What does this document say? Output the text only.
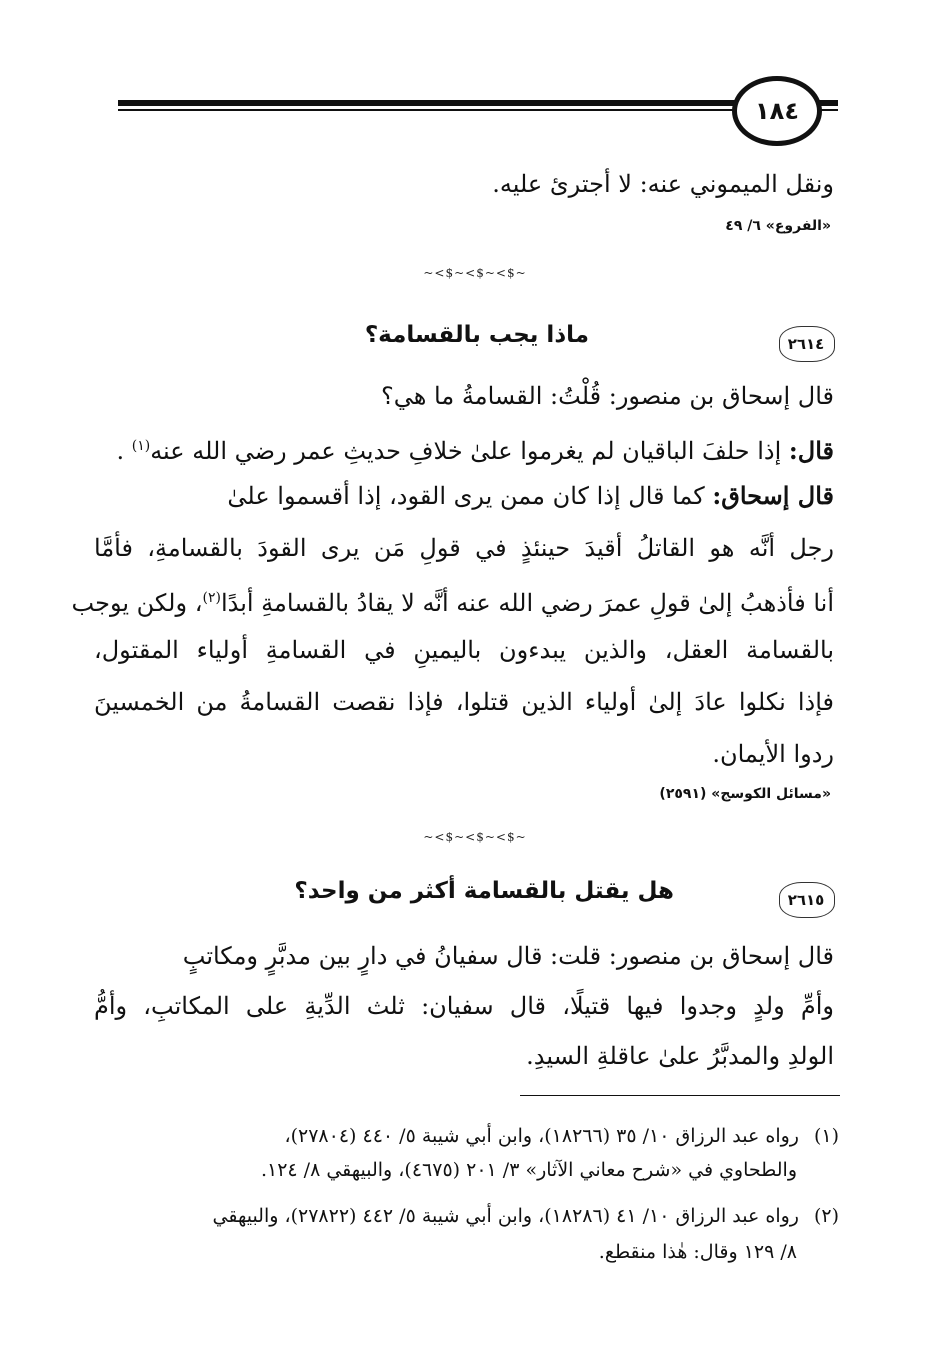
١٨٤
ونقل الميموني عنه: لا أجترئ عليه.
«الفروع» ٦/ ٤٩
~<$~<$~<$~
٢٦١٤
ماذا يجب بالقسامة؟
قال إسحاق بن منصور: قُلْتُ: القسامةُ ما هي؟
قال: إذا حلفَ الباقيان لم يغرموا علىٰ خلافِ حديثِ عمر رضي الله عنه$^{(١)}$ .
قال إسحاق: كما قال إذا كان ممن يرى القود، إذا أقسموا علىٰ
رجل أنَّه هو القاتلُ أقيدَ حينئذٍ في قولِ مَن يرى القودَ بالقسامةِ، فأمَّا
أنا فأذهبُ إلىٰ قولِ عمرَ رضي الله عنه أنَّه لا يقادُ بالقسامةِ أبدًا$^{(٢)}$، ولكن يوجب
بالقسامة العقل، والذين يبدءون باليمينِ في القسامةِ أولياء المقتول،
فإذا نكلوا عادَ إلىٰ أولياء الذين قتلوا، فإذا نقصت القسامةُ من الخمسينَ
ردوا الأيمان.
«مسائل الكوسج» (٢٥٩١)
~<$~<$~<$~
٢٦١٥
هل يقتل بالقسامة أكثر من واحد؟
قال إسحاق بن منصور: قلت: قال سفيانُ في دارٍ بين مدبَّرٍ ومكاتبٍ
وأمِّ ولدٍ وجدوا فيها قتيلًا، قال سفيان: ثلث الدِّيةِ على المكاتبِ، وأمُّ
الولدِ والمدبَّرُ علىٰ عاقلةِ السيدِ.
(١) رواه عبد الرزاق ١٠/ ٣٥ (١٨٢٦٦)، وابن أبي شيبة ٥/ ٤٤٠ (٢٧٨٠٤)،
والطحاوي في «شرح معاني الآثار» ٣/ ٢٠١ (٤٦٧٥)، والبيهقي ٨/ ١٢٤.
(٢) رواه عبد الرزاق ١٠/ ٤١ (١٨٢٨٦)، وابن أبي شيبة ٥/ ٤٤٢ (٢٧٨٢٢)، والبيهقي
٨/ ١٢٩ وقال: هٰذا منقطع.
